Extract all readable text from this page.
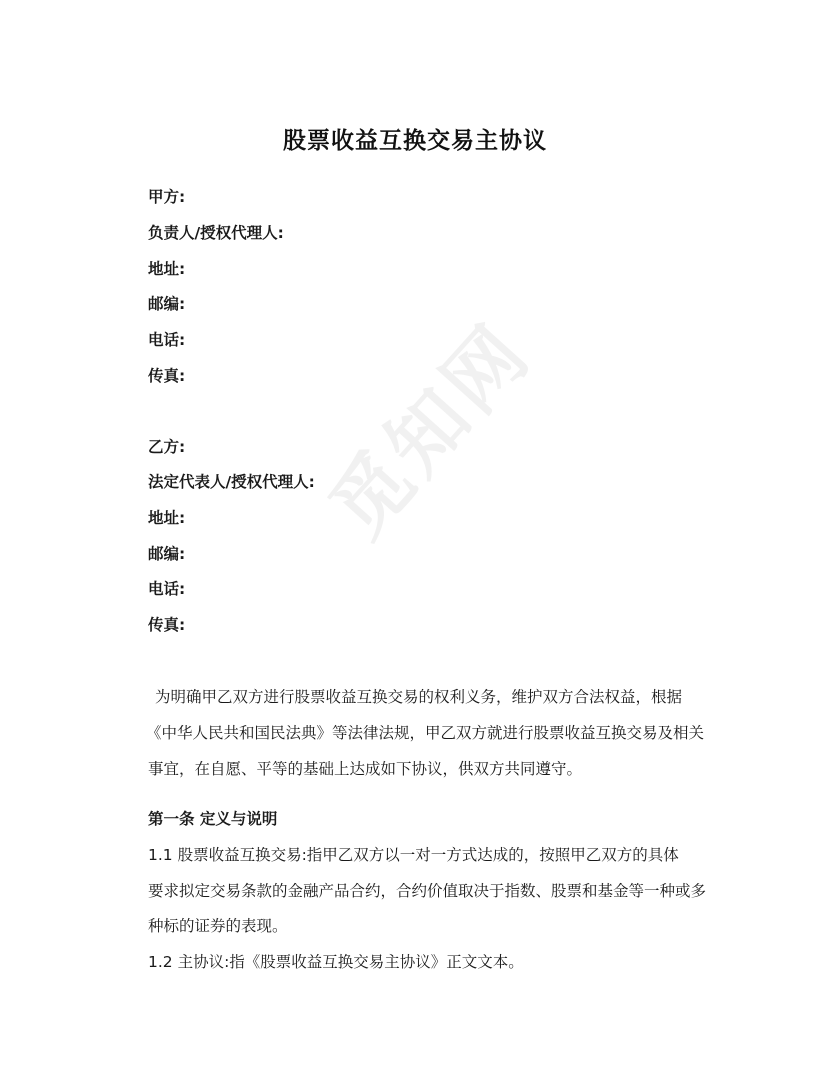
觅知网
股票收益互换交易主协议
甲方:
负责人/授权代理人:
地址:
邮编:
电话:
传真:
乙方:
法定代表人/授权代理人:
地址:
邮编:
电话:
传真:
为明确甲乙双方进行股票收益互换交易的权利义务，维护双方合法权益，根据
《中华人民共和国民法典》等法律法规，甲乙双方就进行股票收益互换交易及相关
事宜，在自愿、平等的基础上达成如下协议，供双方共同遵守。
第一条 定义与说明
1.1 股票收益互换交易:指甲乙双方以一对一方式达成的，按照甲乙双方的具体
要求拟定交易条款的金融产品合约，合约价值取决于指数、股票和基金等一种或多
种标的证券的表现。
1.2 主协议:指《股票收益互换交易主协议》正文文本。
